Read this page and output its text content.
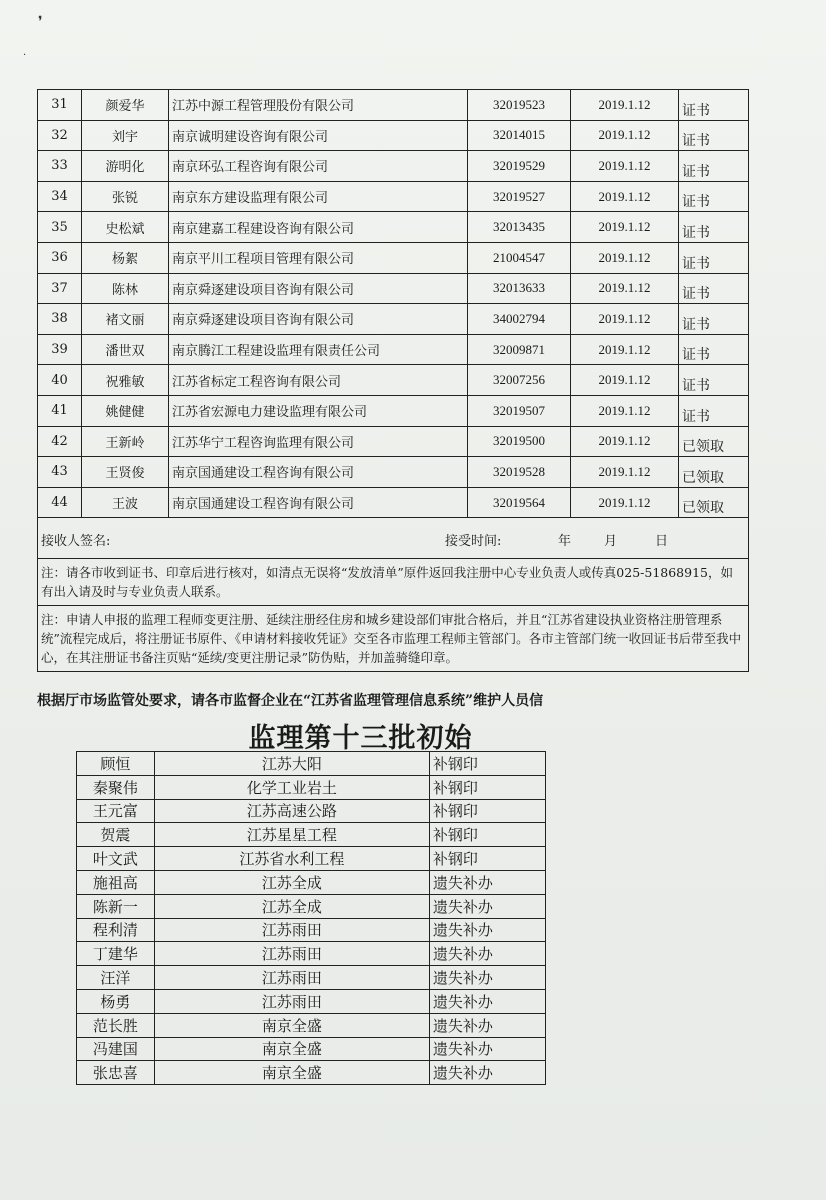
❜
·
31	颜爱华	江苏中源工程管理股份有限公司	32019523	2019.1.12	证书
32	刘宇	南京诚明建设咨询有限公司	32014015	2019.1.12	证书
33	游明化	南京环弘工程咨询有限公司	32019529	2019.1.12	证书
34	张锐	南京东方建设监理有限公司	32019527	2019.1.12	证书
35	史松斌	南京建嘉工程建设咨询有限公司	32013435	2019.1.12	证书
36	杨絮	南京平川工程项目管理有限公司	21004547	2019.1.12	证书
37	陈林	南京舜逐建设项目咨询有限公司	32013633	2019.1.12	证书
38	褚文丽	南京舜逐建设项目咨询有限公司	34002794	2019.1.12	证书
39	潘世双	南京腾江工程建设监理有限责任公司	32009871	2019.1.12	证书
40	祝雅敏	江苏省标定工程咨询有限公司	32007256	2019.1.12	证书
41	姚健健	江苏省宏源电力建设监理有限公司	32019507	2019.1.12	证书
42	王新岭	江苏华宁工程咨询监理有限公司	32019500	2019.1.12	已领取
43	王贤俊	南京国通建设工程咨询有限公司	32019528	2019.1.12	已领取
44	王波	南京国通建设工程咨询有限公司	32019564	2019.1.12	已领取

接收人签名: 接受时间: 年 月 日					

注：请各市收到证书、印章后进行核对，如清点无误将“发放清单”原件返回我注册中心专业负责人或传真025-51868915，如有出入请及时与专业负责人联系。					
注：申请人申报的监理工程师变更注册、延续注册经住房和城乡建设部们审批合格后，并且“江苏省建设执业资格注册管理系统”流程完成后，将注册证书原件、《申请材料接收凭证》交至各市监理工程师主管部门。各市主管部门统一收回证书后带至我中心，在其注册证书备注页贴“延续/变更注册记录”防伪贴，并加盖骑缝印章。					
根据厅市场监管处要求，请各市监督企业在“江苏省监理管理信息系统”维护人员信
监理第十三批初始
顾恒	江苏大阳	补钢印
秦聚伟	化学工业岩土	补钢印
王元富	江苏高速公路	补钢印
贺震	江苏星星工程	补钢印
叶文武	江苏省水利工程	补钢印
施祖高	江苏全成	遗失补办
陈新一	江苏全成	遗失补办
程利清	江苏雨田	遗失补办
丁建华	江苏雨田	遗失补办
汪洋	江苏雨田	遗失补办
杨勇	江苏雨田	遗失补办
范长胜	南京全盛	遗失补办
冯建国	南京全盛	遗失补办
张忠喜	南京全盛	遗失补办
